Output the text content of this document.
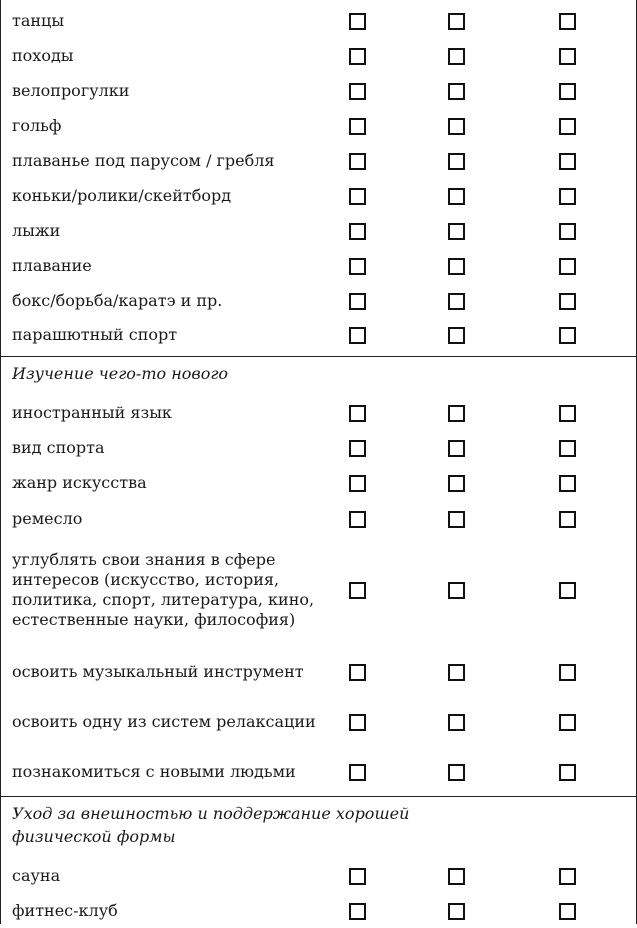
танцы
походы
велопрогулки
гольф
плаванье под парусом / гребля
коньки/ролики/скейтборд
лыжи
плавание
бокс/борьба/каратэ и пр.
парашютный спорт
Изучение чего-то нового
иностранный язык
вид спорта
жанр искусства
ремесло
углублять свои знания в сфере интересов (искусство, история, политика, спорт, литература, кино, естественные науки, философия)
освоить музыкальный инструмент
освоить одну из систем релаксации
познакомиться с новыми людьми
Уход за внешностью и поддержание хорошей физической формы
сауна
фитнес-клуб
